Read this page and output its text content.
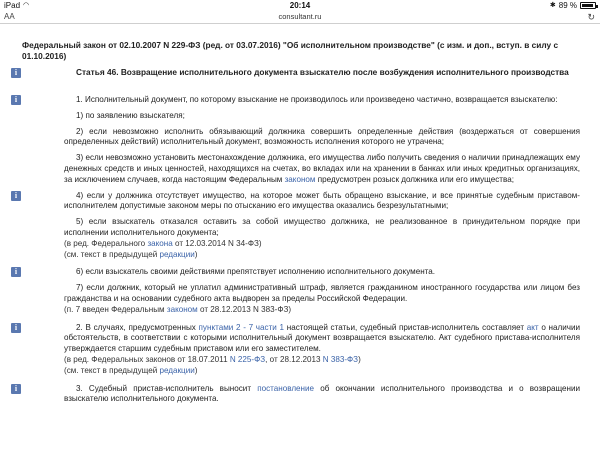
iPad ◠	20:14	✱ 89 %
AA	consultant.ru	↻
Федеральный закон от 02.10.2007 N 229-ФЗ (ред. от 03.07.2016) "Об исполнительном производстве" (с изм. и доп., вступ. в силу с 01.10.2016)
i	Статья 46. Возвращение исполнительного документа взыскателю после возбуждения исполнительного производства

i	1. Исполнительный документ, по которому взыскание не производилось или произведено частично, возвращается взыскателю:

1) по заявлению взыскателя;

2) если невозможно исполнить обязывающий должника совершить определенные действия (воздержаться от совершения определенных действий) исполнительный документ, возможность исполнения которого не утрачена;

3) если невозможно установить местонахождение должника, его имущества либо получить сведения о наличии принадлежащих ему денежных средств и иных ценностей, находящихся на счетах, во вкладах или на хранении в банках или иных кредитных организациях, за исключением случаев, когда настоящим Федеральным законом предусмотрен розыск должника или его имущества;

i	4) если у должника отсутствует имущество, на которое может быть обращено взыскание, и все принятые судебным приставом-исполнителем допустимые законом меры по отысканию его имущества оказались безрезультатными;

5) если взыскатель отказался оставить за собой имущество должника, не реализованное в принудительном порядке при исполнении исполнительного документа;

(в ред. Федерального закона от 12.03.2014 N 34-ФЗ)

(см. текст в предыдущей редакции)

i	6) если взыскатель своими действиями препятствует исполнению исполнительного документа.

7) если должник, который не уплатил административный штраф, является гражданином иностранного государства или лицом без гражданства и на основании судебного акта выдворен за пределы Российской Федерации.

(п. 7 введен Федеральным законом от 28.12.2013 N 383-ФЗ)

i	2. В случаях, предусмотренных пунктами 2 - 7 части 1 настоящей статьи, судебный пристав-исполнитель составляет акт о наличии обстоятельств, в соответствии с которыми исполнительный документ возвращается взыскателю. Акт судебного пристава-исполнителя утверждается старшим судебным приставом или его заместителем.

(в ред. Федеральных законов от 18.07.2011 N 225-ФЗ, от 28.12.2013 N 383-ФЗ)

(см. текст в предыдущей редакции)

i	3. Судебный пристав-исполнитель выносит постановление об окончании исполнительного производства и о возвращении взыскателю исполнительного документа.
